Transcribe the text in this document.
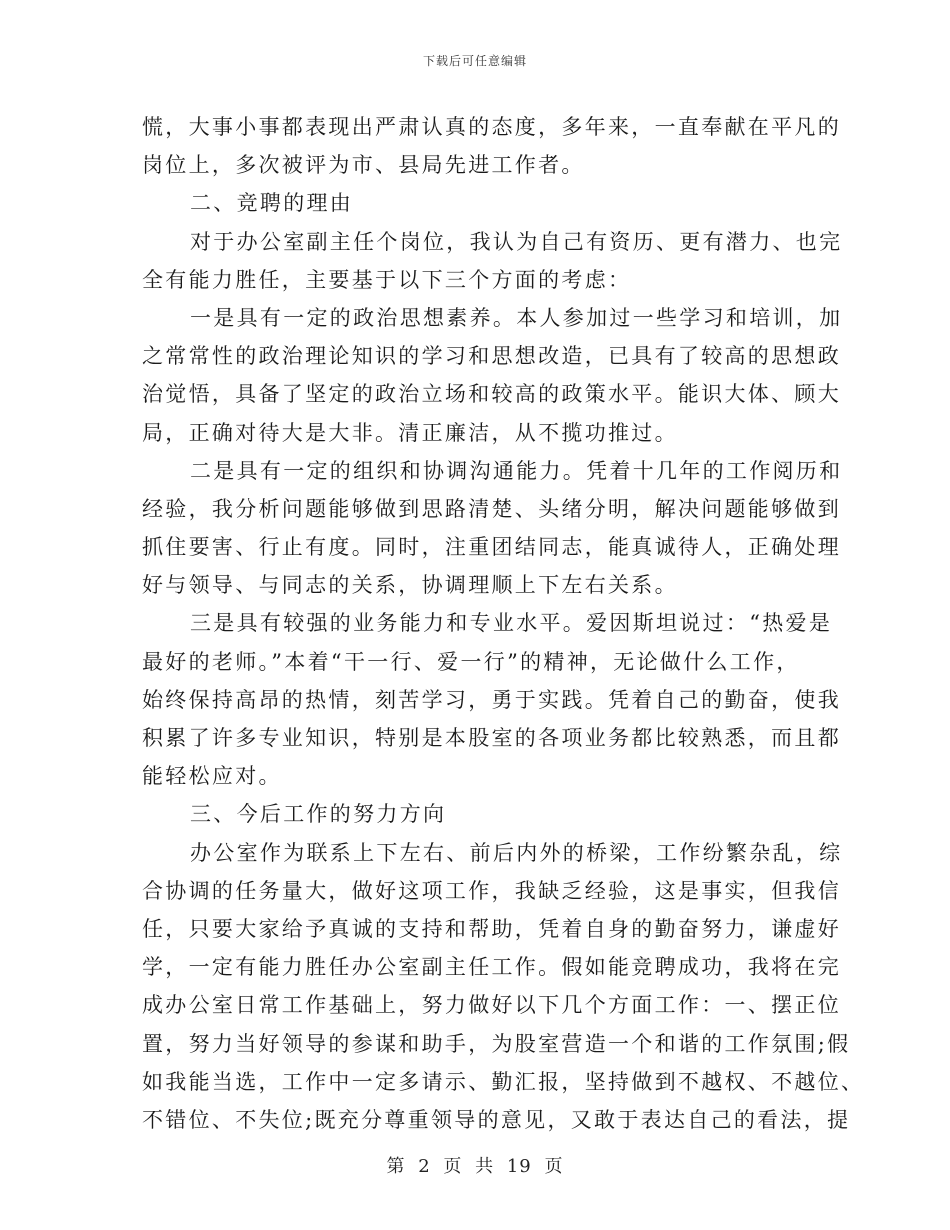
下载后可任意编辑
慌，大事小事都表现出严肃认真的态度，多年来，一直奉献在平凡的
岗位上，多次被评为市、县局先进工作者。
二、竞聘的理由
对于办公室副主任个岗位，我认为自己有资历、更有潜力、也完
全有能力胜任，主要基于以下三个方面的考虑：
一是具有一定的政治思想素养。本人参加过一些学习和培训，加
之常常性的政治理论知识的学习和思想改造，已具有了较高的思想政
治觉悟，具备了坚定的政治立场和较高的政策水平。能识大体、顾大
局，正确对待大是大非。清正廉洁，从不揽功推过。
二是具有一定的组织和协调沟通能力。凭着十几年的工作阅历和
经验，我分析问题能够做到思路清楚、头绪分明，解决问题能够做到
抓住要害、行止有度。同时，注重团结同志，能真诚待人，正确处理
好与领导、与同志的关系，协调理顺上下左右关系。
三是具有较强的业务能力和专业水平。爱因斯坦说过：“热爱是
最好的老师。”本着“干一行、爱一行”的精神，无论做什么工作，
始终保持高昂的热情，刻苦学习，勇于实践。凭着自己的勤奋，使我
积累了许多专业知识，特别是本股室的各项业务都比较熟悉，而且都
能轻松应对。
三、今后工作的努力方向
办公室作为联系上下左右、前后内外的桥梁，工作纷繁杂乱，综
合协调的任务量大，做好这项工作，我缺乏经验，这是事实，但我信
任，只要大家给予真诚的支持和帮助，凭着自身的勤奋努力，谦虚好
学，一定有能力胜任办公室副主任工作。假如能竞聘成功，我将在完
成办公室日常工作基础上，努力做好以下几个方面工作：一、摆正位
置，努力当好领导的参谋和助手，为股室营造一个和谐的工作氛围;假
如我能当选，工作中一定多请示、勤汇报，坚持做到不越权、不越位、
不错位、不失位;既充分尊重领导的意见，又敢于表达自己的看法，提
第 2 页 共 19 页
